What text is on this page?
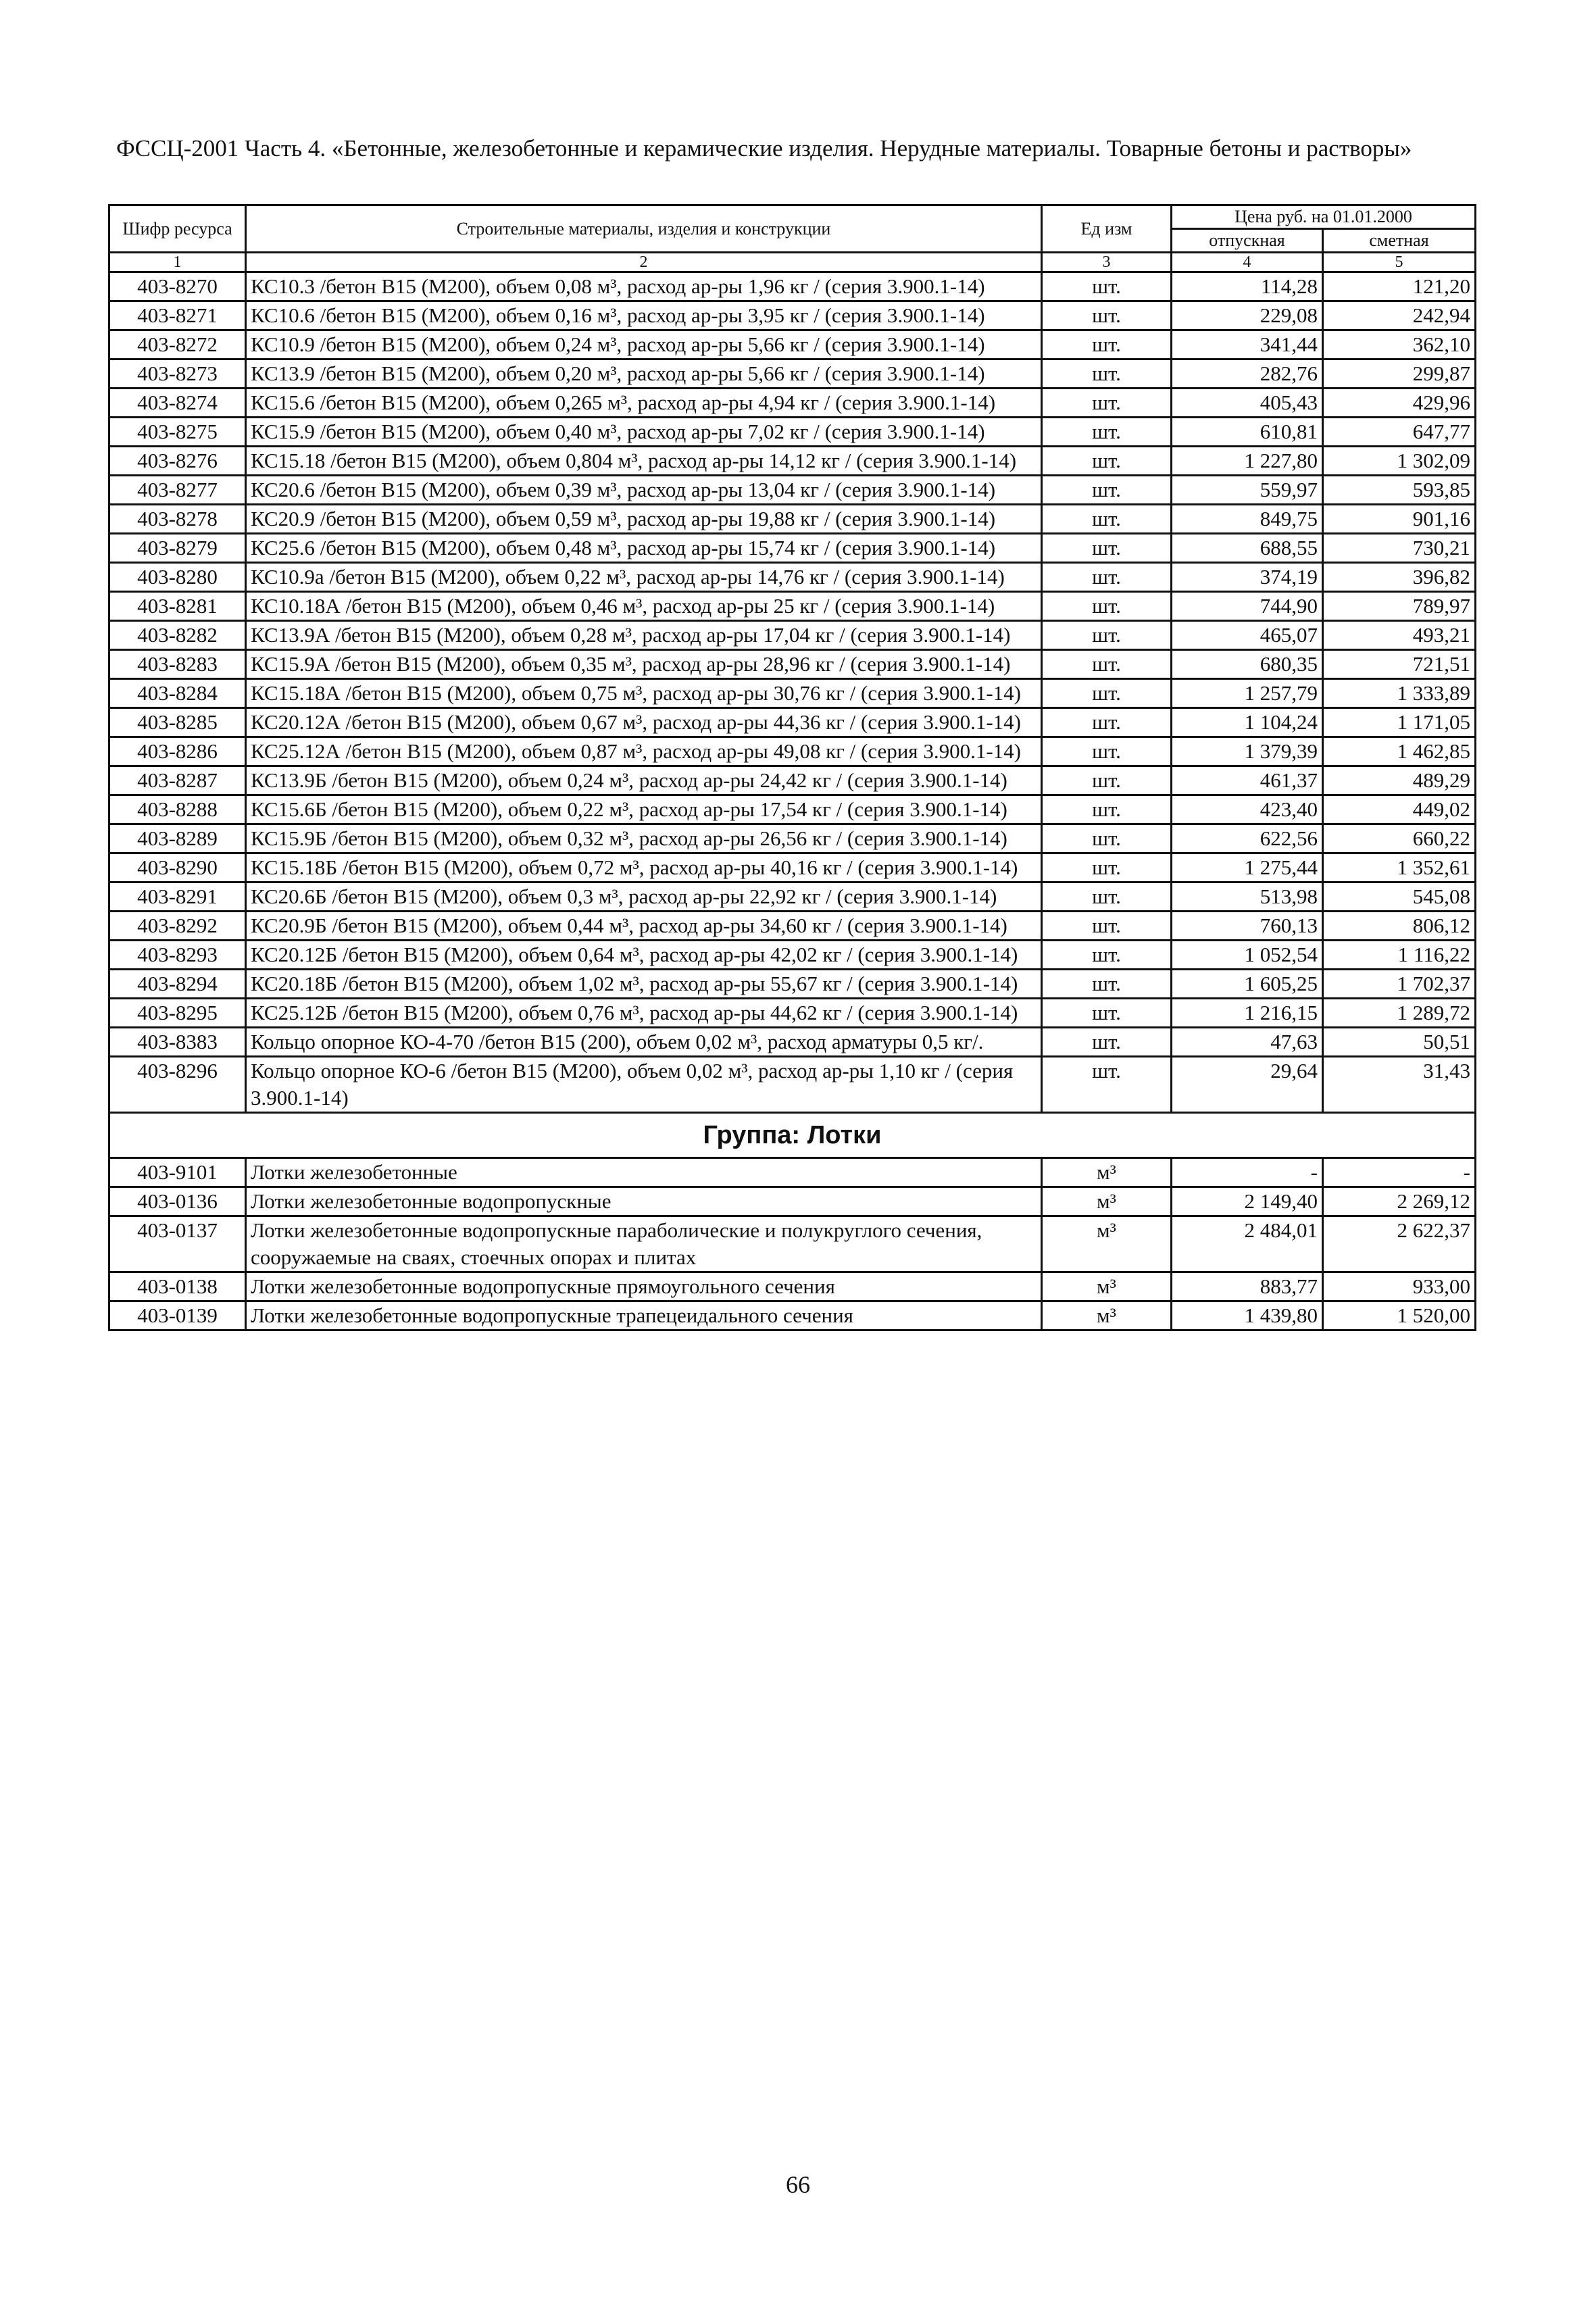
ФССЦ-2001 Часть 4. «Бетонные, железобетонные и керамические изделия. Нерудные материалы. Товарные бетоны и растворы»

Шифр ресурса	Строительные материалы, изделия и конструкции	Ед изм	Цена руб. на 01.01.2000	
			отпускная	сметная
1	2	3	4	5
403-8270	КС10.3 /бетон В15 (М200), объем 0,08 м³, расход ар-ры 1,96 кг / (серия 3.900.1-14)	шт.	114,28	121,20
403-8271	КС10.6 /бетон В15 (М200), объем 0,16 м³, расход ар-ры 3,95 кг / (серия 3.900.1-14)	шт.	229,08	242,94
403-8272	КС10.9 /бетон В15 (М200), объем 0,24 м³, расход ар-ры 5,66 кг / (серия 3.900.1-14)	шт.	341,44	362,10
403-8273	КС13.9 /бетон В15 (М200), объем 0,20 м³, расход ар-ры 5,66 кг / (серия 3.900.1-14)	шт.	282,76	299,87
403-8274	КС15.6 /бетон В15 (М200), объем 0,265 м³, расход ар-ры 4,94 кг / (серия 3.900.1-14)	шт.	405,43	429,96
403-8275	КС15.9 /бетон В15 (М200), объем 0,40 м³, расход ар-ры 7,02 кг / (серия 3.900.1-14)	шт.	610,81	647,77
403-8276	КС15.18 /бетон В15 (М200), объем 0,804 м³, расход ар-ры 14,12 кг / (серия 3.900.1-14)	шт.	1 227,80	1 302,09
403-8277	КС20.6 /бетон В15 (М200), объем 0,39 м³, расход ар-ры 13,04 кг / (серия 3.900.1-14)	шт.	559,97	593,85
403-8278	КС20.9 /бетон В15 (М200), объем 0,59 м³, расход ар-ры 19,88 кг / (серия 3.900.1-14)	шт.	849,75	901,16
403-8279	КС25.6 /бетон В15 (М200), объем 0,48 м³, расход ар-ры 15,74 кг / (серия 3.900.1-14)	шт.	688,55	730,21
403-8280	КС10.9а /бетон В15 (М200), объем 0,22 м³, расход ар-ры 14,76 кг / (серия 3.900.1-14)	шт.	374,19	396,82
403-8281	КС10.18А /бетон В15 (М200), объем 0,46 м³, расход ар-ры 25 кг / (серия 3.900.1-14)	шт.	744,90	789,97
403-8282	КС13.9А /бетон В15 (М200), объем 0,28 м³, расход ар-ры 17,04 кг / (серия 3.900.1-14)	шт.	465,07	493,21
403-8283	КС15.9А /бетон В15 (М200), объем 0,35 м³, расход ар-ры 28,96 кг / (серия 3.900.1-14)	шт.	680,35	721,51
403-8284	КС15.18А /бетон В15 (М200), объем 0,75 м³, расход ар-ры 30,76 кг / (серия 3.900.1-14)	шт.	1 257,79	1 333,89
403-8285	КС20.12А /бетон В15 (М200), объем 0,67 м³, расход ар-ры 44,36 кг / (серия 3.900.1-14)	шт.	1 104,24	1 171,05
403-8286	КС25.12А /бетон В15 (М200), объем 0,87 м³, расход ар-ры 49,08 кг / (серия 3.900.1-14)	шт.	1 379,39	1 462,85
403-8287	КС13.9Б /бетон В15 (М200), объем 0,24 м³, расход ар-ры 24,42 кг / (серия 3.900.1-14)	шт.	461,37	489,29
403-8288	КС15.6Б /бетон В15 (М200), объем 0,22 м³, расход ар-ры 17,54 кг / (серия 3.900.1-14)	шт.	423,40	449,02
403-8289	КС15.9Б /бетон В15 (М200), объем 0,32 м³, расход ар-ры 26,56 кг / (серия 3.900.1-14)	шт.	622,56	660,22
403-8290	КС15.18Б /бетон В15 (М200), объем 0,72 м³, расход ар-ры 40,16 кг / (серия 3.900.1-14)	шт.	1 275,44	1 352,61
403-8291	КС20.6Б /бетон В15 (М200), объем 0,3 м³, расход ар-ры 22,92 кг / (серия 3.900.1-14)	шт.	513,98	545,08
403-8292	КС20.9Б /бетон В15 (М200), объем 0,44 м³, расход ар-ры 34,60 кг / (серия 3.900.1-14)	шт.	760,13	806,12
403-8293	КС20.12Б /бетон В15 (М200), объем 0,64 м³, расход ар-ры 42,02 кг / (серия 3.900.1-14)	шт.	1 052,54	1 116,22
403-8294	КС20.18Б /бетон В15 (М200), объем 1,02 м³, расход ар-ры 55,67 кг / (серия 3.900.1-14)	шт.	1 605,25	1 702,37
403-8295	КС25.12Б /бетон В15 (М200), объем 0,76 м³, расход ар-ры 44,62 кг / (серия 3.900.1-14)	шт.	1 216,15	1 289,72
403-8383	Кольцо опорное КО-4-70 /бетон В15 (200), объем 0,02 м³, расход арматуры 0,5 кг/.	шт.	47,63	50,51
403-8296	Кольцо опорное КО-6 /бетон В15 (М200), объем 0,02 м³, расход ар-ры 1,10 кг / (серия 3.900.1-14)	шт.	29,64	31,43
Группа: Лотки				
403-9101	Лотки железобетонные	м³	-	-
403-0136	Лотки железобетонные водопропускные	м³	2 149,40	2 269,12
403-0137	Лотки железобетонные водопропускные параболические и полукруглого сечения, сооружаемые на сваях, стоечных опорах и плитах	м³	2 484,01	2 622,37
403-0138	Лотки железобетонные водопропускные прямоугольного сечения	м³	883,77	933,00
403-0139	Лотки железобетонные водопропускные трапецеидального сечения	м³	1 439,80	1 520,00
66
